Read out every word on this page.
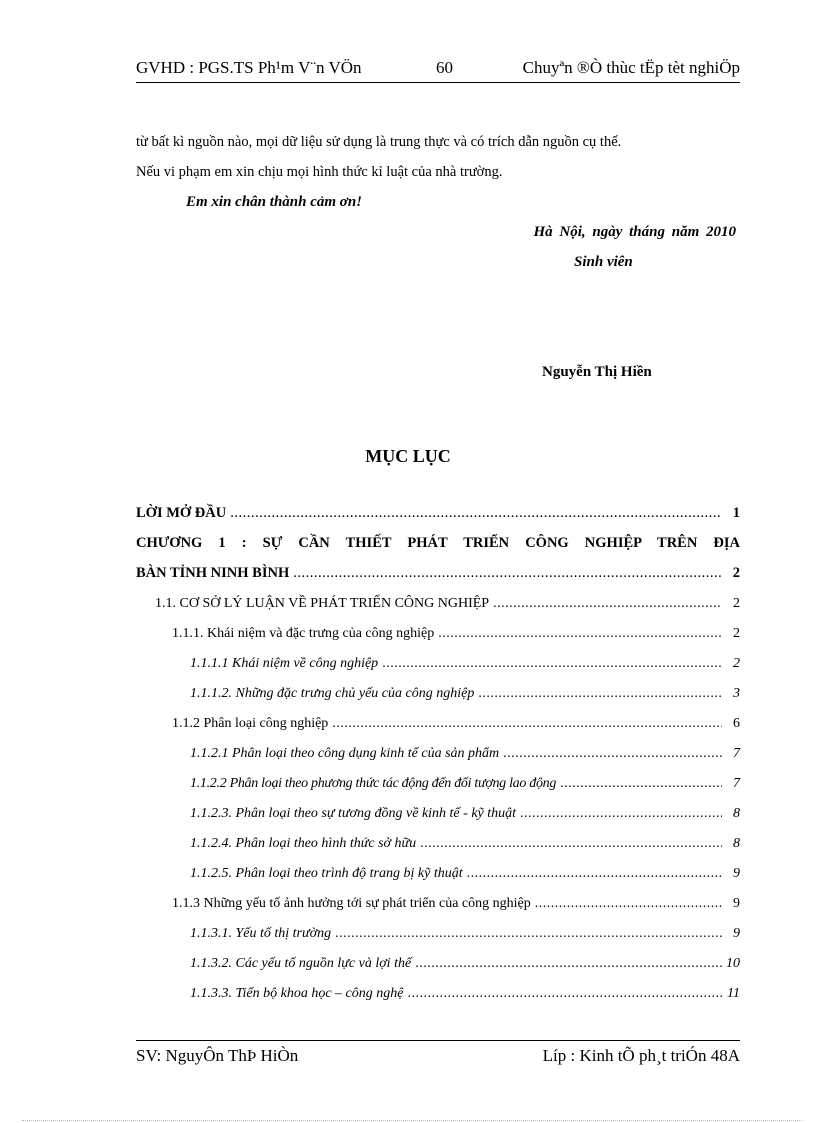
GVHD : PGS.TS Ph¹m V¨n VÖn	60	Chuyªn ®Ò thùc tËp tèt nghiÖp
từ bất kì nguồn nào, mọi dữ liệu sử dụng là trung thực và có trích dẫn nguồn cụ thể.
Nếu vi phạm em xin chịu mọi hình thức kỉ luật của nhà trường.
Em xin chân thành cảm ơn!
Hà Nội, ngày tháng năm 2010
Sinh viên
Nguyễn Thị Hiền
MỤC LỤC
LỜI MỞ ĐẦU .....	1
CHƯƠNG 1 : SỰ CẦN THIẾT PHÁT TRIỂN CÔNG NGHIỆP TRÊN ĐỊA
BÀN TỈNH NINH BÌNH .....	2
1.1. CƠ SỞ LÝ LUẬN VỀ PHÁT TRIỂN CÔNG NGHIỆP .....	2
1.1.1. Khái niệm và đặc trưng của công nghiệp .....	2
1.1.1.1 Khái niệm về công nghiệp .....	2
1.1.1.2. Những đặc trưng chủ yếu của công nghiệp .....	3
1.1.2 Phân loại công nghiệp .....	6
1.1.2.1 Phân loại theo công dụng kinh tế của sản phẩm .....	7
1.1.2.2 Phân loại theo phương thức tác động đến đối tượng lao động .....	7
1.1.2.3. Phân loại theo sự tương đồng về kinh tế - kỹ thuật .....	8
1.1.2.4. Phân loại theo hình thức sở hữu .....	8
1.1.2.5. Phân loại theo trình độ trang bị kỹ thuật .....	9
1.1.3 Những yếu tố ảnh hưởng tới sự phát triển của công nghiệp .....	9
1.1.3.1. Yếu tố thị trường .....	9
1.1.3.2. Các yếu tố nguồn lực và lợi thế .....	10
1.1.3.3. Tiến bộ khoa học – công nghệ .....	11
SV: NguyÔn ThÞ HiÒn	Líp : Kinh tÕ ph¸t triÓn 48A
